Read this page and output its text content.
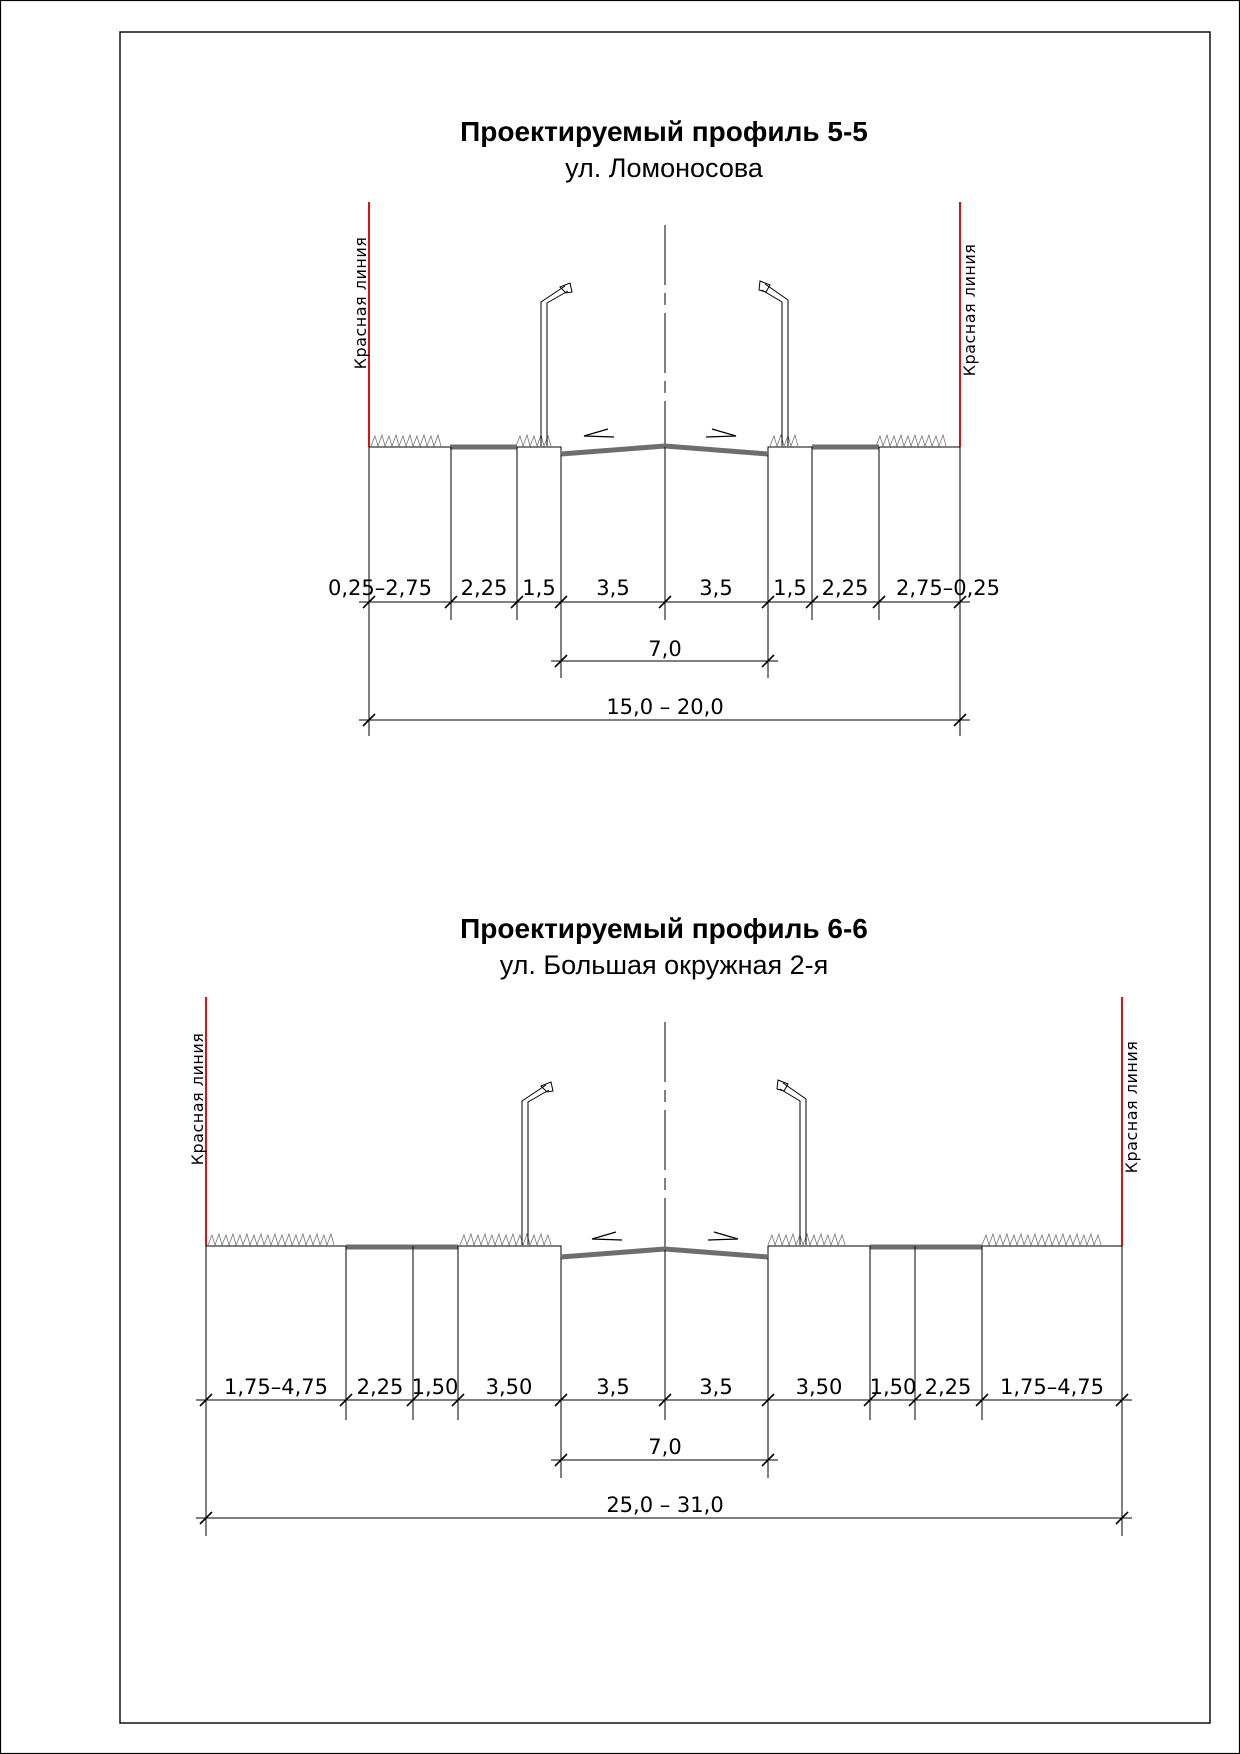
Проектируемый профиль 5-5
ул. Ломоносова
Красная линия	Красная линия
0,25–2,75 2,25 1,5 3,5	3,5 1,5 2,25 2,75–0,25
7,0
15,0 – 20,0
Проектируемый профиль 6-6
ул. Большая окружная 2-я
Красная линия	Красная линия
1,75–4,75 2,25 1,50 3,50	3,5	3,5	3,50 1,50 2,25 1,75–4,75
7,0
25,0 – 31,0
